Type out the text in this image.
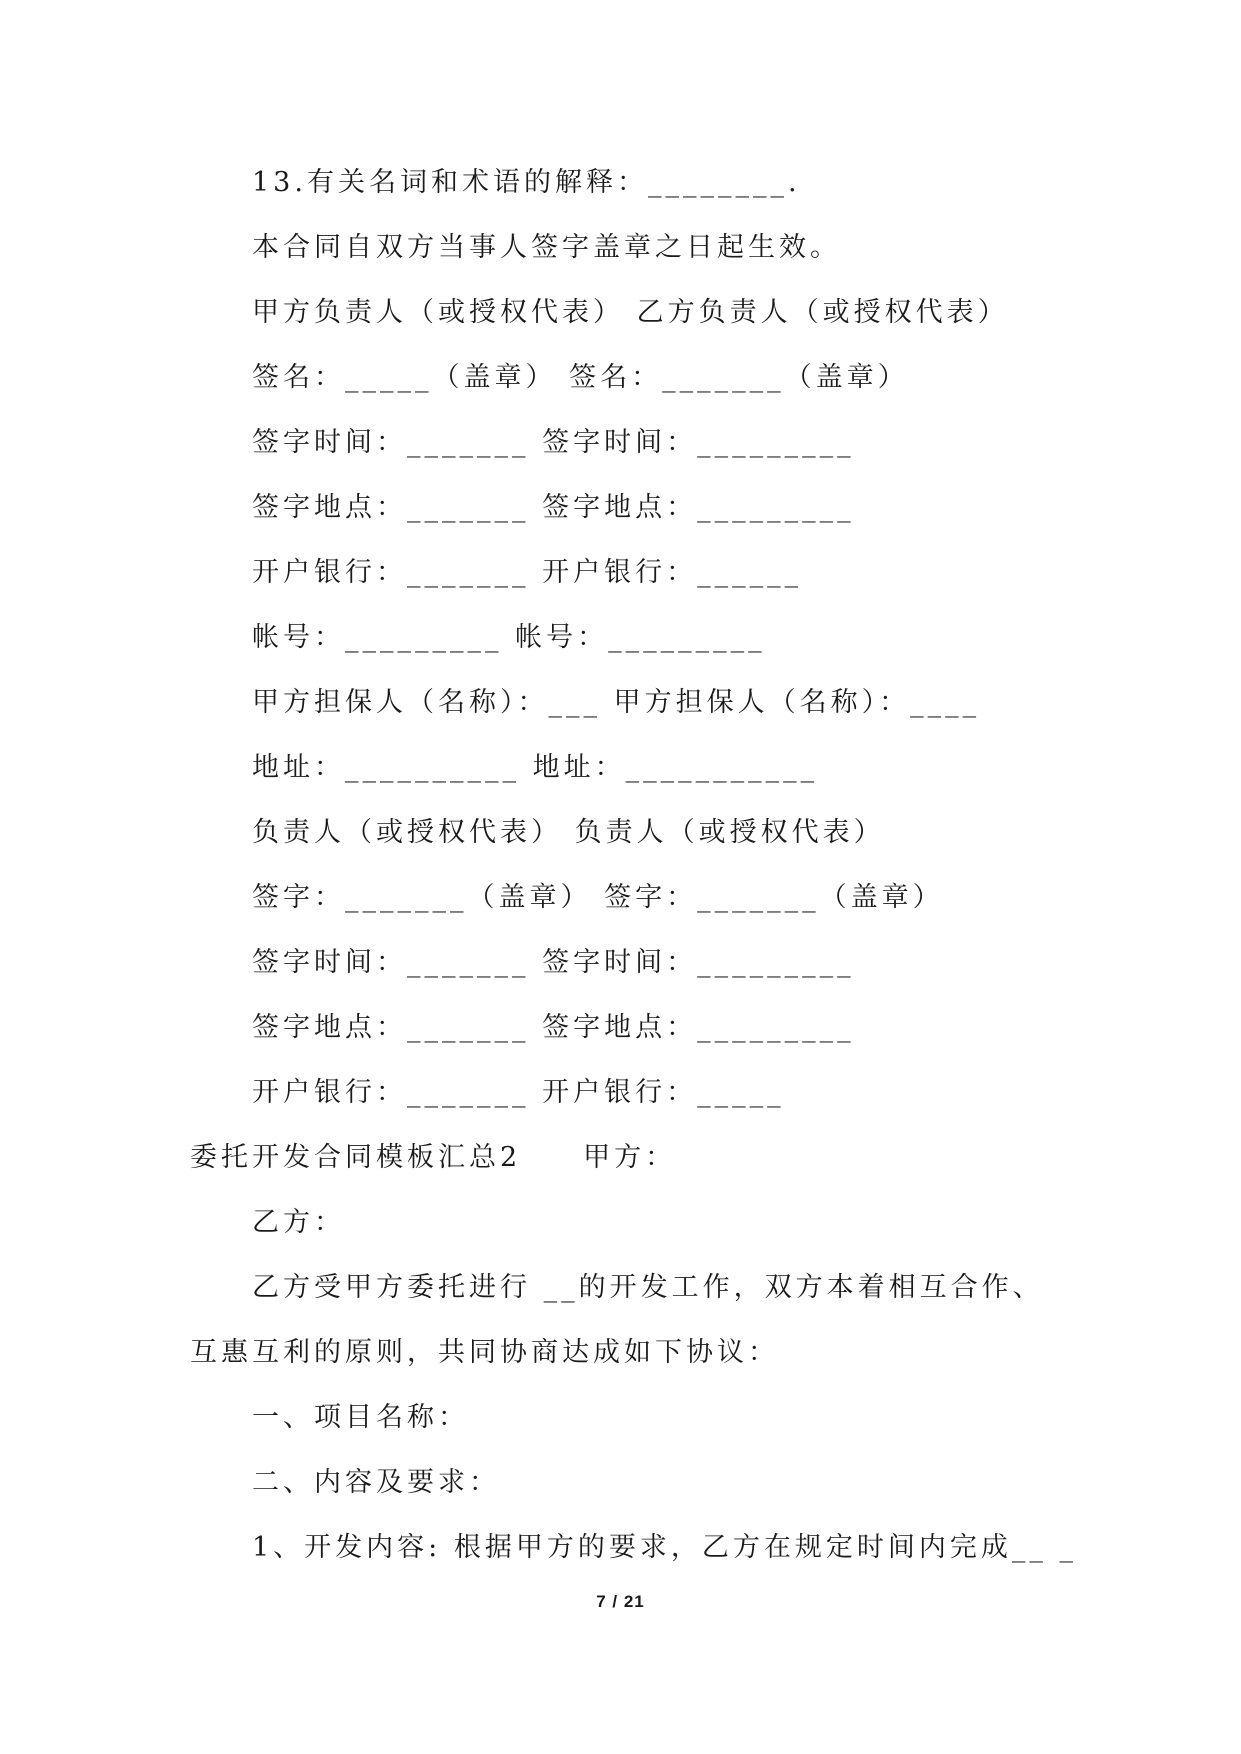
13.有关名词和术语的解释：________.
本合同自双方当事人签字盖章之日起生效。
甲方负责人（或授权代表） 乙方负责人（或授权代表）
签名：_____（盖章） 签名：_______（盖章）
签字时间：_______ 签字时间：_________
签字地点：_______ 签字地点：_________
开户银行：_______ 开户银行：______
帐号：_________ 帐号：_________
甲方担保人（名称）：___ 甲方担保人（名称）：____
地址：__________ 地址：___________
负责人（或授权代表） 负责人（或授权代表）
签字：_______（盖章） 签字：_______（盖章）
签字时间：_______ 签字时间：_________
签字地点：_______ 签字地点：_________
开户银行：_______ 开户银行：_____
委托开发合同模板汇总2　　甲方：
乙方：
乙方受甲方委托进行 __的开发工作，双方本着相互合作、
互惠互利的原则，共同协商达成如下协议：
一、项目名称：
二、内容及要求：
1、开发内容: 根据甲方的要求，乙方在规定时间内完成__ _
7 / 21
